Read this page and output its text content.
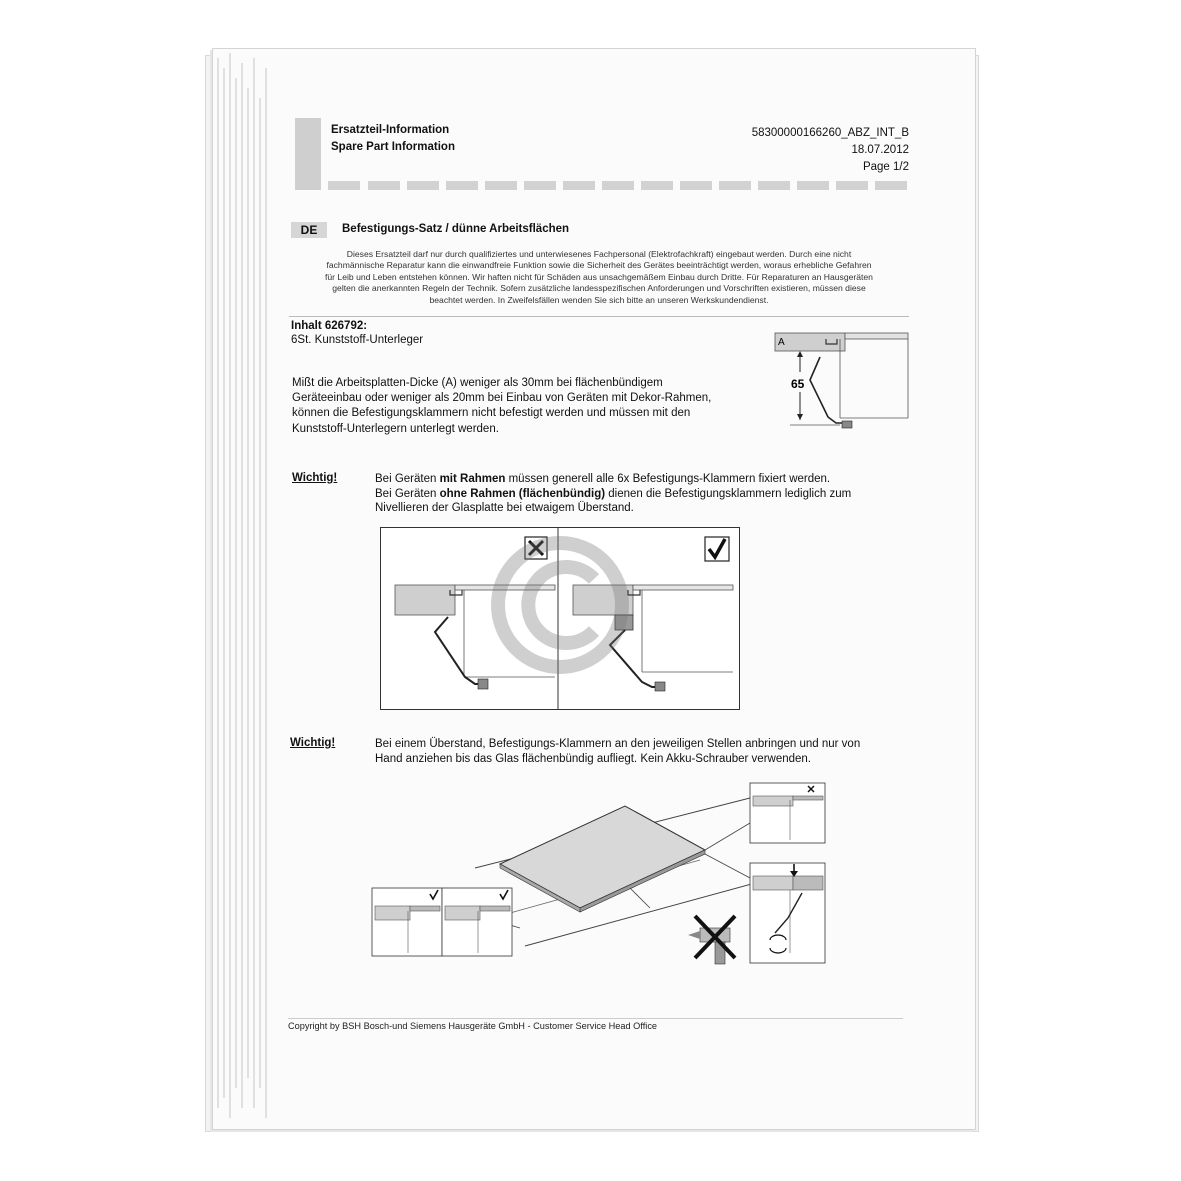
Ersatzteil-Information
Spare Part Information
58300000166260_ABZ_INT_B
18.07.2012
Page 1/2
DE	Befestigungs-Satz / dünne Arbeitsflächen
Dieses Ersatzteil darf nur durch qualifiziertes und unterwiesenes Fachpersonal (Elektrofachkraft) eingebaut werden. Durch eine nicht
fachmännische Reparatur kann die einwandfreie Funktion sowie die Sicherheit des Gerätes beeinträchtigt werden, woraus erhebliche Gefahren
für Leib und Leben entstehen können. Wir haften nicht für Schäden aus unsachgemäßem Einbau durch Dritte. Für Reparaturen an Hausgeräten
gelten die anerkannten Regeln der Technik. Sofern zusätzliche landesspezifischen Anforderungen und Vorschriften existieren, müssen diese
beachtet werden. In Zweifelsfällen wenden Sie sich bitte an unseren Werkskundendienst.
Inhalt 626792:
6St. Kunststoff-Unterleger
Mißt die Arbeitsplatten-Dicke (A) weniger als 30mm bei flächenbündigem
Geräteeinbau oder weniger als 20mm bei Einbau von Geräten mit Dekor-Rahmen,
können die Befestigungsklammern nicht befestigt werden und müssen mit den
Kunststoff-Unterlegern unterlegt werden.
A
65
Wichtig!	Bei Geräten mit Rahmen müssen generell alle 6x Befestigungs-Klammern fixiert werden.
Bei Geräten ohne Rahmen (flächenbündig) dienen die Befestigungsklammern lediglich zum
Nivellieren der Glasplatte bei etwaigem Überstand.
Wichtig!	Bei einem Überstand, Befestigungs-Klammern an den jeweiligen Stellen anbringen und nur von
Hand anziehen bis das Glas flächenbündig aufliegt. Kein Akku-Schrauber verwenden.
Copyright by BSH Bosch-und Siemens Hausgeräte GmbH - Customer Service Head Office
